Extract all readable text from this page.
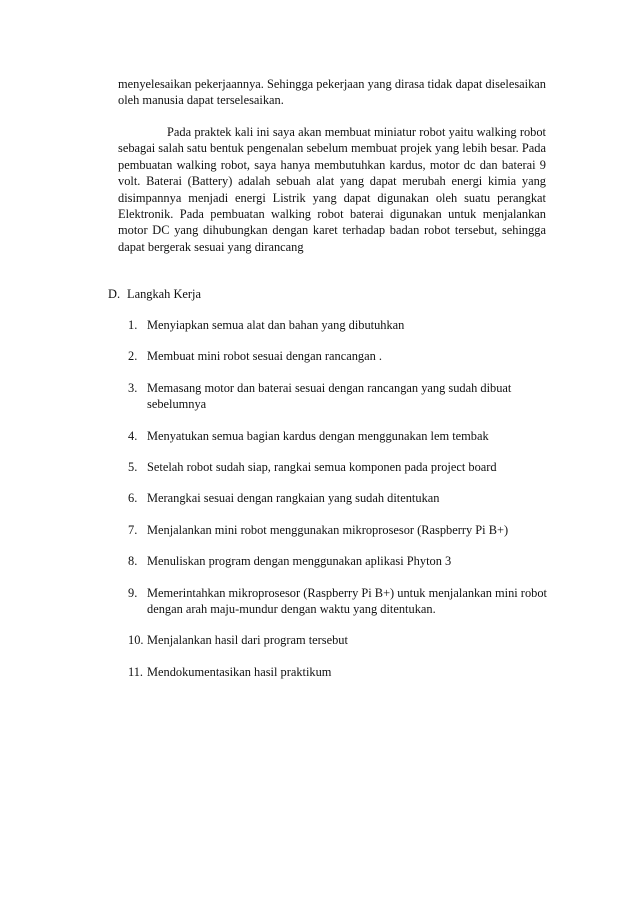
menyelesaikan pekerjaannya. Sehingga pekerjaan yang dirasa tidak dapat diselesaikan oleh manusia dapat terselesaikan.

Pada praktek kali ini saya akan membuat miniatur robot yaitu walking robot sebagai salah satu bentuk pengenalan sebelum membuat projek yang lebih besar. Pada pembuatan walking robot, saya hanya membutuhkan kardus, motor dc dan baterai 9 volt. Baterai (Battery) adalah sebuah alat yang dapat merubah energi kimia yang disimpannya menjadi energi Listrik yang dapat digunakan oleh suatu perangkat Elektronik. Pada pembuatan walking robot baterai digunakan untuk menjalankan motor DC yang dihubungkan dengan karet terhadap badan robot tersebut, sehingga dapat bergerak sesuai yang dirancang

D. Langkah Kerja
1. Menyiapkan semua alat dan bahan yang dibutuhkan
2. Membuat mini robot sesuai dengan rancangan .
3. Memasang motor dan baterai sesuai dengan rancangan yang sudah dibuat sebelumnya
4. Menyatukan semua bagian kardus dengan menggunakan lem tembak
5. Setelah robot sudah siap, rangkai semua komponen pada project board
6. Merangkai sesuai dengan rangkaian yang sudah ditentukan
7. Menjalankan mini robot menggunakan mikroprosesor (Raspberry Pi B+)
8. Menuliskan program dengan menggunakan aplikasi Phyton 3
9. Memerintahkan mikroprosesor (Raspberry Pi B+) untuk menjalankan mini robot dengan arah maju-mundur dengan waktu yang ditentukan.
10. Menjalankan hasil dari program tersebut
11. Mendokumentasikan hasil praktikum
